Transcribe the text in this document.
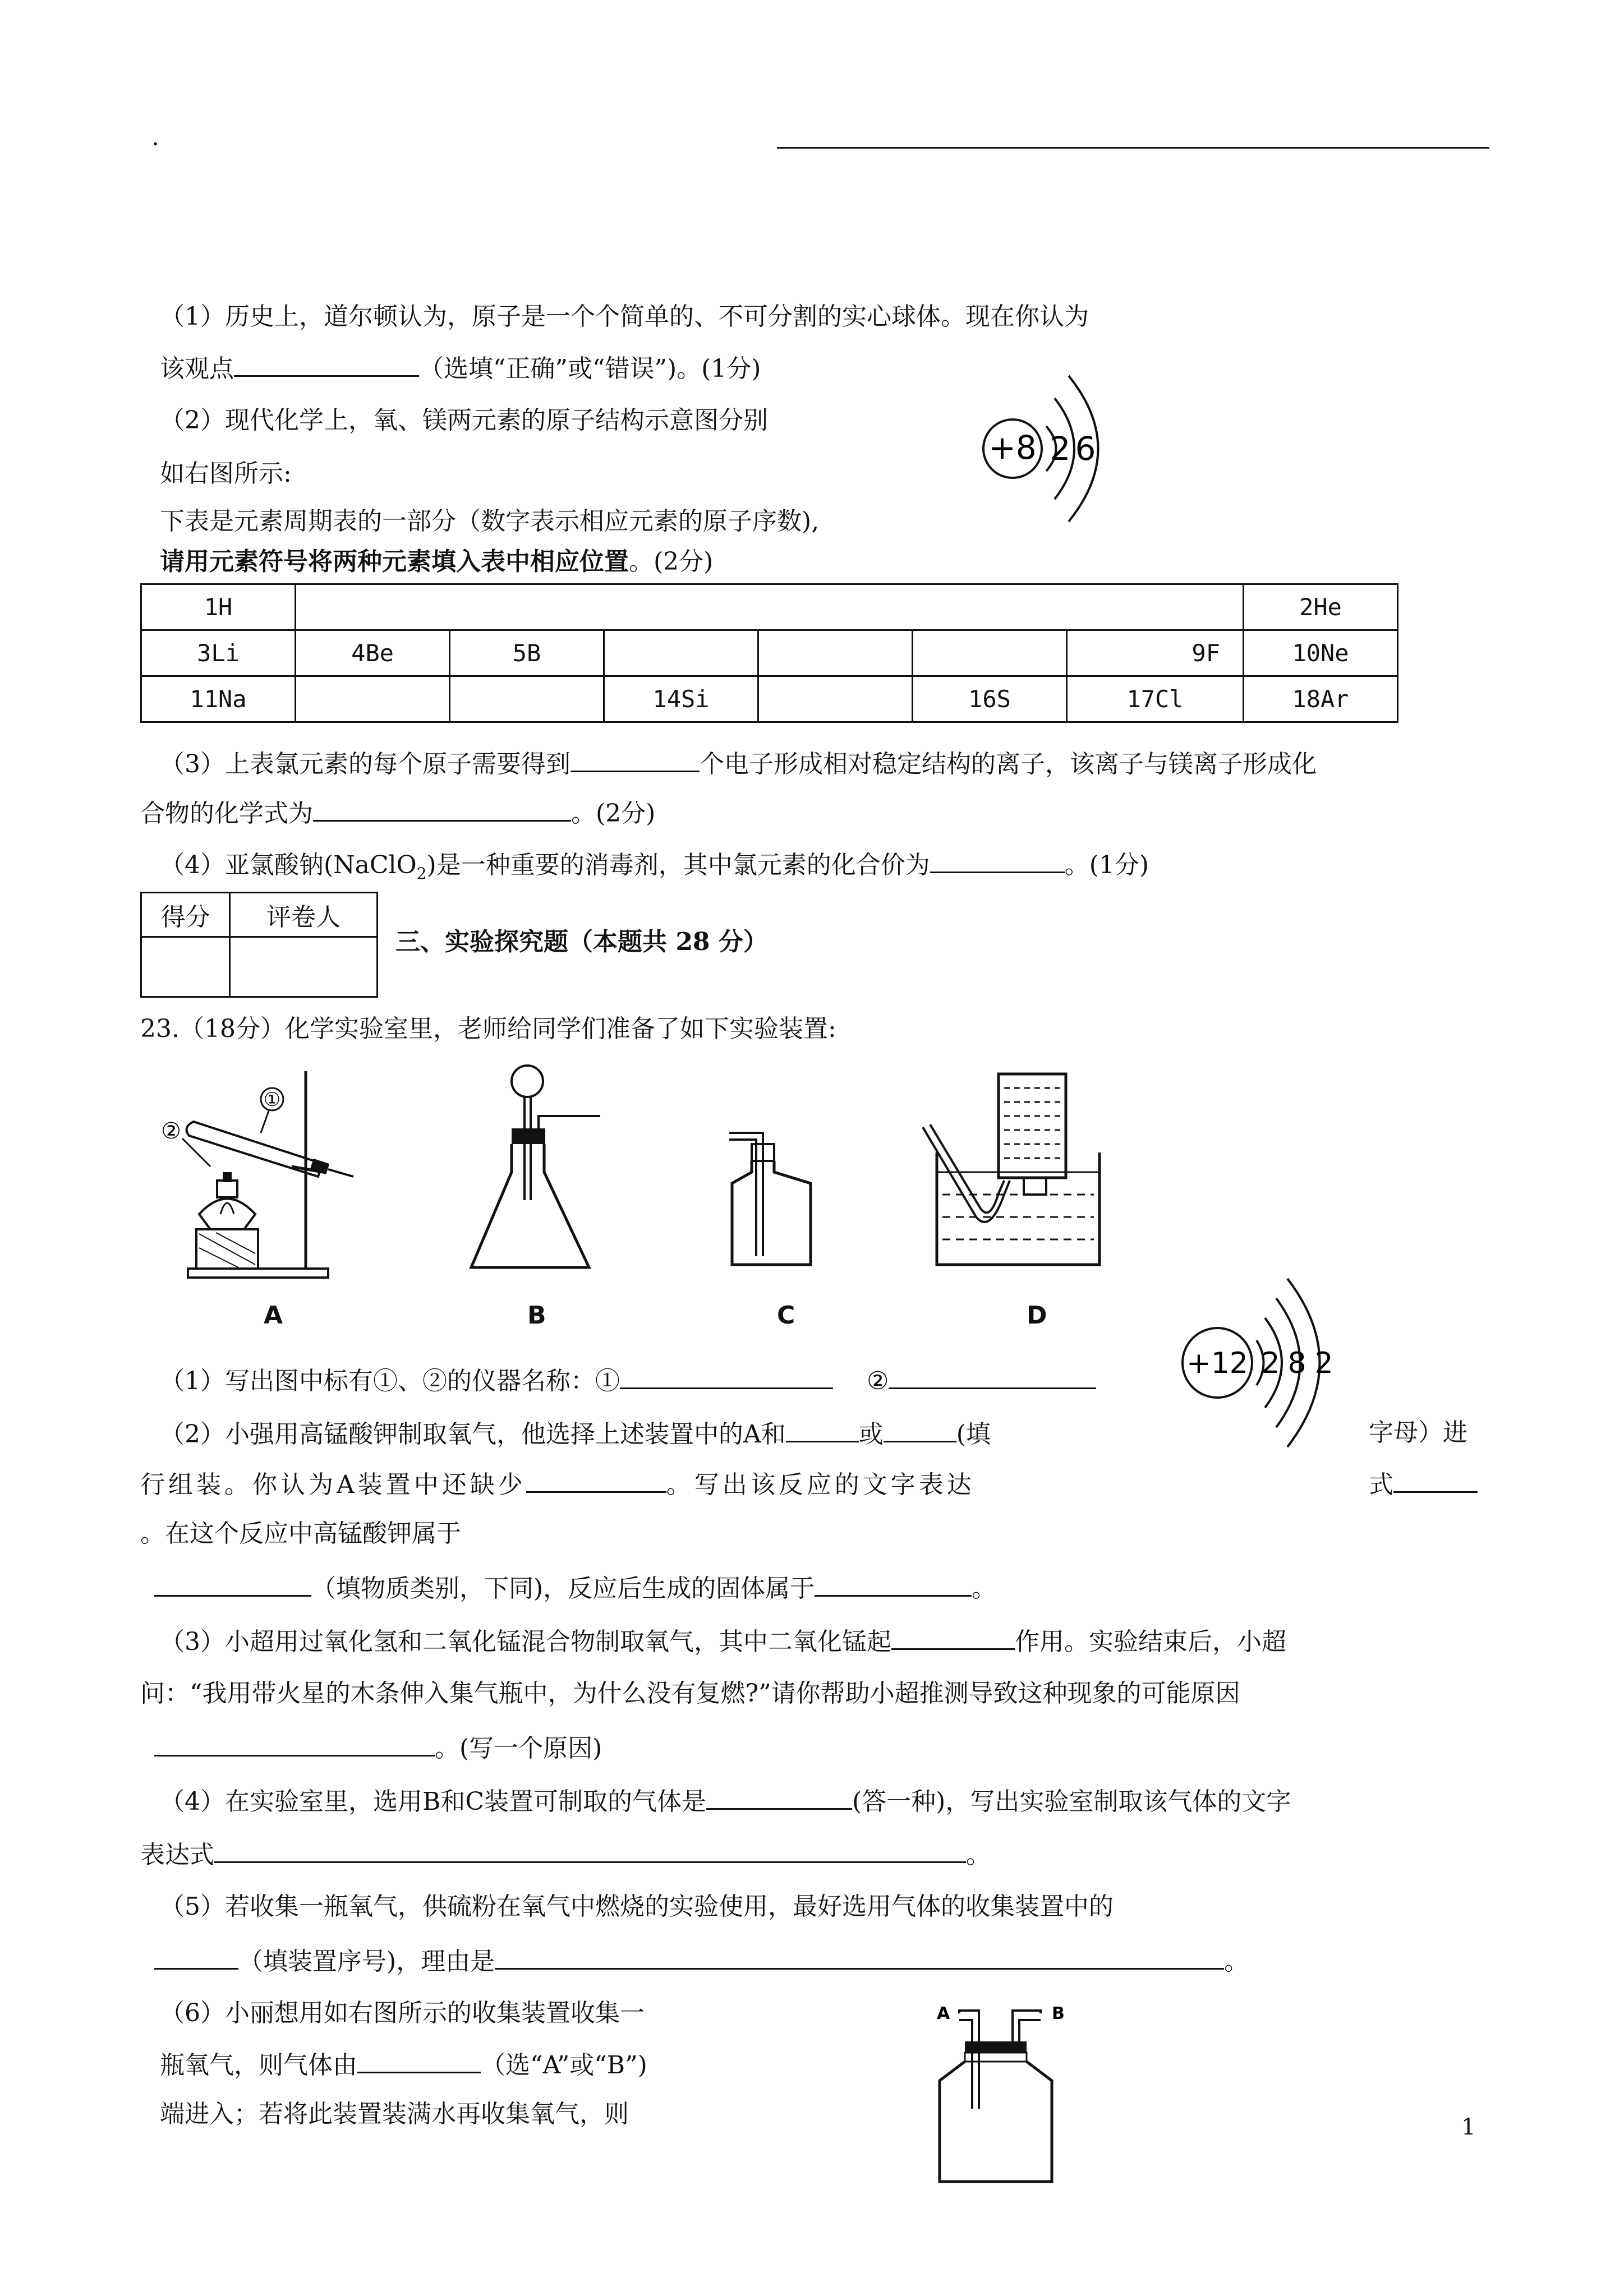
.
（1）历史上，道尔顿认为，原子是一个个简单的、不可分割的实心球体。现在你认为
该观点	（选填“正确”或“错误”)。(1分)
（2）现代化学上，氧、镁两元素的原子结构示意图分别
如右图所示:
下表是元素周期表的一部分（数字表示相应元素的原子序数),
请用元素符号将两种元素填入表中相应位置。(2分)
+8 2 6
1H							2He
3Li	4Be	5B				9F	10Ne
11Na			14Si		16S	17Cl	18Ar
（3）上表氯元素的每个原子需要得到	个电子形成相对稳定结构的离子，该离子与镁离子形成化
合物的化学式为	。(2分)
（4）亚氯酸钠(NaClO$_2$)是一种重要的消毒剂，其中氯元素的化合价为	。(1分)
得分	评卷人

三、实验探究题（本题共 28 分）
23.（18分）化学实验室里，老师给同学们准备了如下实验装置:
①
②
A	B	C	D
+12 2 8 2
（1）写出图中标有①、②的仪器名称：①	②
（2）小强用高锰酸钾制取氧气，他选择上述装置中的A和	或	(填	字母）进
行组装。你认为A装置中还缺少	。写出该反应的文字表达	式
。在这个反应中高锰酸钾属于
（填物质类别，下同)，反应后生成的固体属于	。
（3）小超用过氧化氢和二氧化锰混合物制取氧气，其中二氧化锰起	作用。实验结束后，小超
问：“我用带火星的木条伸入集气瓶中，为什么没有复燃?”请你帮助小超推测导致这种现象的可能原因
。(写一个原因)
（4）在实验室里，选用B和C装置可制取的气体是	(答一种)，写出实验室制取该气体的文字
表达式	。
（5）若收集一瓶氧气，供硫粉在氧气中燃烧的实验使用，最好选用气体的收集装置中的
（填装置序号)，理由是	。
（6）小丽想用如右图所示的收集装置收集一
瓶氧气，则气体由	（选“A”或“B”)
端进入；若将此装置装满水再收集氧气，则
A	B
1
